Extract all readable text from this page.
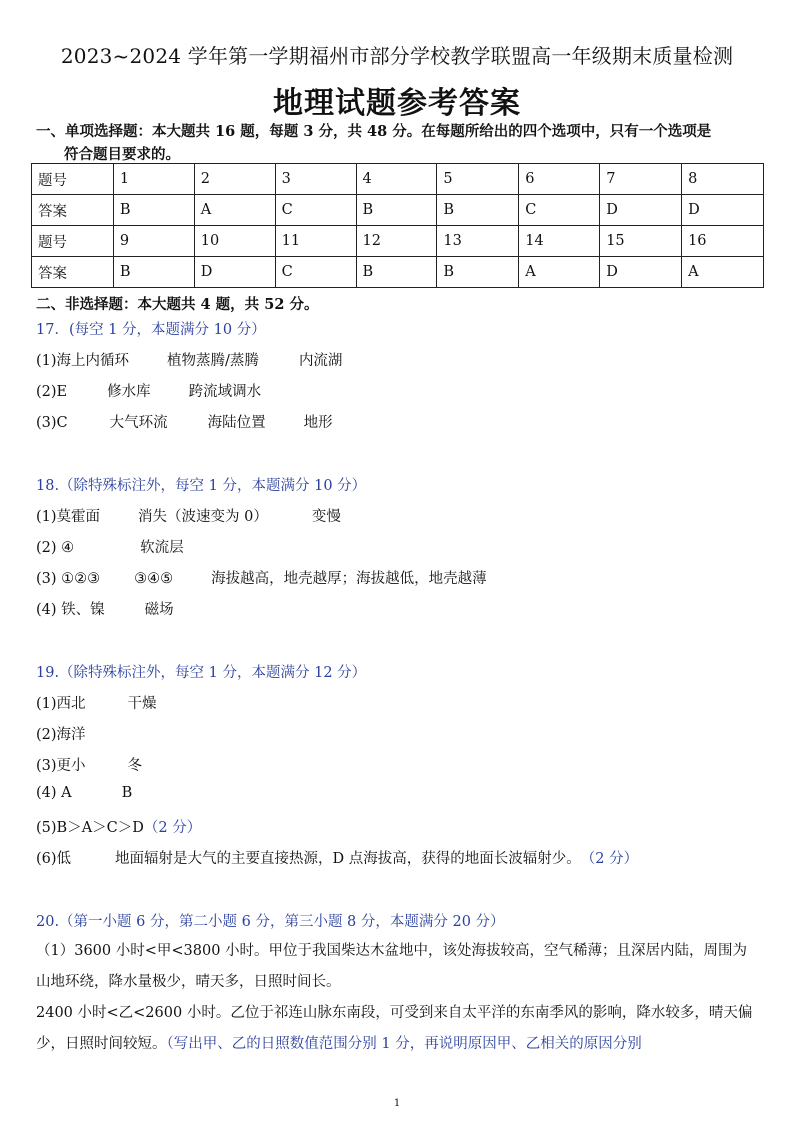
2023~2024 学年第一学期福州市部分学校教学联盟高一年级期末质量检测
地理试题参考答案
一、单项选择题：本大题共 16 题，每题 3 分，共 48 分。在每题所给出的四个选项中，只有一个选项是
符合题目要求的。
题号	1	2	3	4	5	6	7	8
答案	B	A	C	B	B	C	D	D
题号	9	10	11	12	13	14	15	16
答案	B	D	C	B	B	A	D	A
二、非选择题：本大题共 4 题，共 52 分。
17．(每空 1 分，本题满分 10 分）
(1)海上内循环	植物蒸腾/蒸腾	内流湖
(2)E	修水库	跨流域调水
(3)C	大气环流	海陆位置	地形
18.（除特殊标注外，每空 1 分，本题满分 10 分）
(1)莫霍面	消失（波速变为 0）	变慢
(2) ④	软流层
(3) ①②③ ③④⑤	海拔越高，地壳越厚；海拔越低，地壳越薄
(4) 铁、镍	磁场
19.（除特殊标注外，每空 1 分，本题满分 12 分）
(1)西北	干燥
(2)海洋
(3)更小	冬
(4) A	B
(5)B＞A＞C＞D（2 分）
(6)低	地面辐射是大气的主要直接热源，D 点海拔高，获得的地面长波辐射少。（2 分）
20.（第一小题 6 分，第二小题 6 分，第三小题 8 分，本题满分 20 分）
（1）3600 小时<甲<3800 小时。甲位于我国柴达木盆地中，该处海拔较高，空气稀薄；且深居内陆，周围为山地环绕，降水量极少，晴天多，日照时间长。
2400 小时<乙<2600 小时。乙位于祁连山脉东南段，可受到来自太平洋的东南季风的影响，降水较多，晴天偏少，日照时间较短。（写出甲、乙的日照数值范围分别 1 分，再说明原因甲、乙相关的原因分别
1
